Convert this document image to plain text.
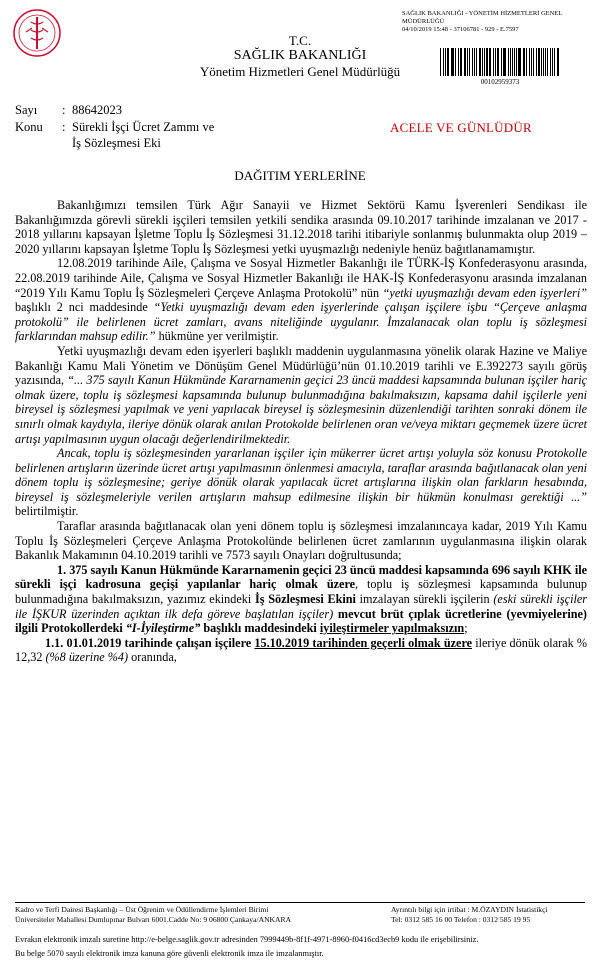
T.C.
SAĞLIK BAKANLIĞI
Yönetim Hizmetleri Genel Müdürlüğü
SAĞLIK BAKANLIĞI - YÖNETİM HİZMETLERİ GENEL
MÜDÜRLÜĞÜ
04/10/2019 15:48 - 37106781 - 929 - E.7597
00102959373
Sayı : 88642023
Konu : Sürekli İşçi Ücret Zammı ve
İş Sözleşmesi Eki
ACELE VE GÜNLÜDÜR
DAĞITIM YERLERİNE

Bakanlığımızı temsilen Türk Ağır Sanayii ve Hizmet Sektörü Kamu İşverenleri Sendikası ile Bakanlığımızda görevli sürekli işçileri temsilen yetkili sendika arasında 09.10.2017 tarihinde imzalanan ve 2017 - 2018 yıllarını kapsayan İşletme Toplu İş Sözleşmesi 31.12.2018 tarihi itibariyle sonlanmış bulunmakta olup 2019 – 2020 yıllarını kapsayan İşletme Toplu İş Sözleşmesi yetki uyuşmazlığı nedeniyle henüz bağıtlanamamıştır.

12.08.2019 tarihinde Aile, Çalışma ve Sosyal Hizmetler Bakanlığı ile TÜRK-İŞ Konfederasyonu arasında, 22.08.2019 tarihinde Aile, Çalışma ve Sosyal Hizmetler Bakanlığı ile HAK-İŞ Konfederasyonu arasında imzalanan “2019 Yılı Kamu Toplu İş Sözleşmeleri Çerçeve Anlaşma Protokolü” nün “yetki uyuşmazlığı devam eden işyerleri” başlıklı 2 nci maddesinde “Yetki uyuşmazlığı devam eden işyerlerinde çalışan işçilere işbu “Çerçeve anlaşma protokolü” ile belirlenen ücret zamları, avans niteliğinde uygulanır. İmzalanacak olan toplu iş sözleşmesi farklarından mahsup edilir.” hükmüne yer verilmiştir.

Yetki uyuşmazlığı devam eden işyerleri başlıklı maddenin uygulanmasına yönelik olarak Hazine ve Maliye Bakanlığı Kamu Mali Yönetim ve Dönüşüm Genel Müdürlüğü’nün 01.10.2019 tarihli ve E.392273 sayılı görüş yazısında, “... 375 sayılı Kanun Hükmünde Kararnamenin geçici 23 üncü maddesi kapsamında bulunan işçiler hariç olmak üzere, toplu iş sözleşmesi kapsamında bulunup bulunmadığına bakılmaksızın, kapsama dahil işçilerle yeni bireysel iş sözleşmesi yapılmak ve yeni yapılacak bireysel iş sözleşmesinin düzenlendiği tarihten sonraki dönem ile sınırlı olmak kaydıyla, ileriye dönük olarak anılan Protokolde belirlenen oran ve/veya miktarı geçmemek üzere ücret artışı yapılmasının uygun olacağı değerlendirilmektedir.

Ancak, toplu iş sözleşmesinden yararlanan işçiler için mükerrer ücret artışı yoluyla söz konusu Protokolle belirlenen artışların üzerinde ücret artışı yapılmasının önlenmesi amacıyla, taraflar arasında bağıtlanacak olan yeni dönem toplu iş sözleşmesine; geriye dönük olarak yapılacak ücret artışlarına ilişkin olan farkların hesabında, bireysel iş sözleşmeleriyle verilen artışların mahsup edilmesine ilişkin bir hükmün konulması gerektiği ...” belirtilmiştir.

Taraflar arasında bağıtlanacak olan yeni dönem toplu iş sözleşmesi imzalanıncaya kadar, 2019 Yılı Kamu Toplu İş Sözleşmeleri Çerçeve Anlaşma Protokolünde belirlenen ücret zamlarının uygulanmasına ilişkin olarak Bakanlık Makamının 04.10.2019 tarihli ve 7573 sayılı Onayları doğrultusunda;

1. 375 sayılı Kanun Hükmünde Kararnamenin geçici 23 üncü maddesi kapsamında 696 sayılı KHK ile sürekli işçi kadrosuna geçişi yapılanlar hariç olmak üzere, toplu iş sözleşmesi kapsamında bulunup bulunmadığına bakılmaksızın, yazımız ekindeki İş Sözleşmesi Ekini imzalayan sürekli işçilerin (eski sürekli işçiler ile İŞKUR üzerinden açıktan ilk defa göreve başlatılan işçiler) mevcut brüt çıplak ücretlerine (yevmiyelerine) ilgili Protokollerdeki “I-İyileştirme” başlıklı maddesindeki iyileştirmeler yapılmaksızın;

1.1. 01.01.2019 tarihinde çalışan işçilere 15.10.2019 tarihinden geçerli olmak üzere ileriye dönük olarak % 12,32 (%8 üzerine %4) oranında,

Kadro ve Terfi Dairesi Başkanlığı – Üst Öğrenim ve Ödüllendirme İşlemleri Birimi	Ayrıntılı bilgi için irtibat : M.ÖZAYDIN İstatistikçi
Üniversiteler Mahallesi Dumlupınar Bulvarı 6001.Cadde No: 9 06800 Çankaya/ANKARA	Tel: 0312 585 16 00 Telefon : 0312 585 19 95
Evrakın elektronik imzalı suretine http://e-belge.saglik.gov.tr adresinden 7999449b-8f1f-4971-8960-f0416cd3ecb9 kodu ile erişebilirsiniz.
Bu belge 5070 sayılı elektronik imza kanuna göre güvenli elektronik imza ile imzalanmıştır.
